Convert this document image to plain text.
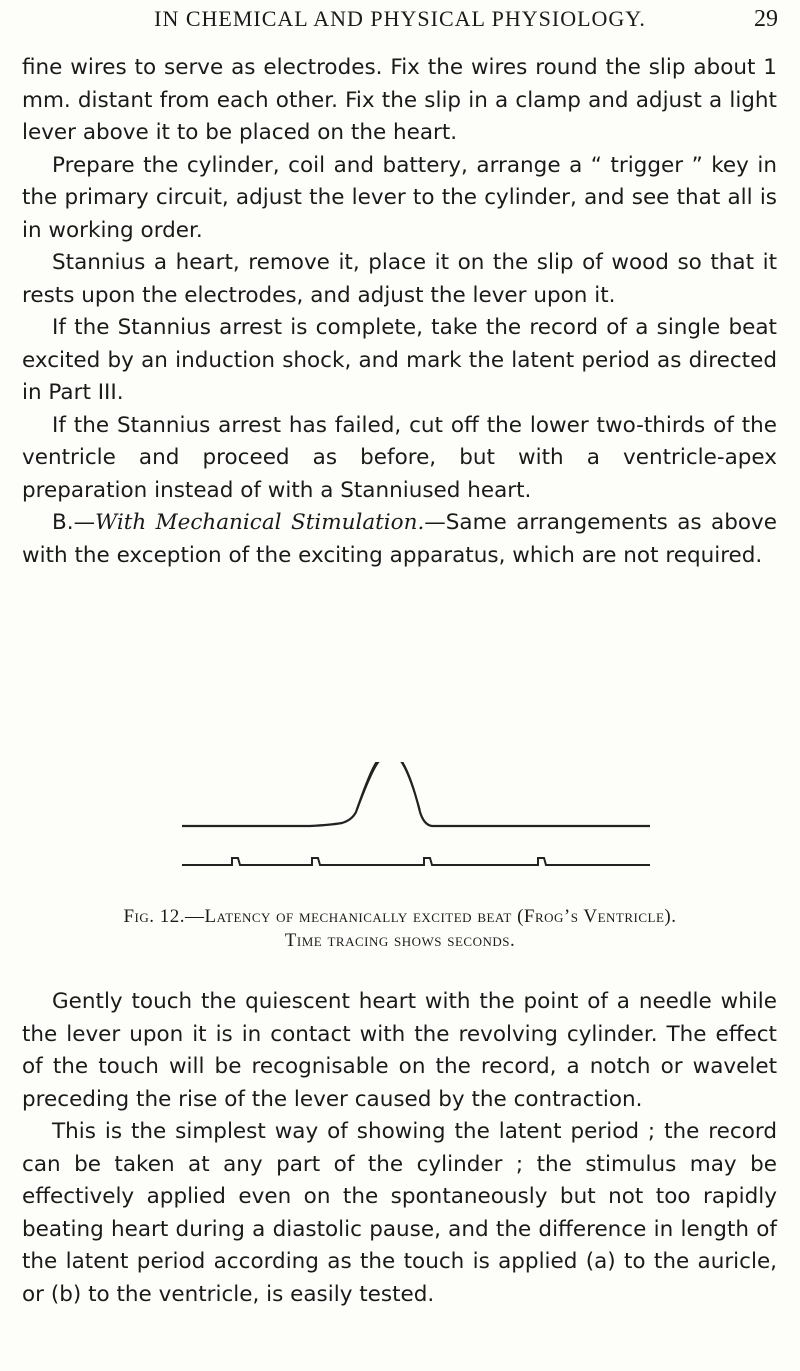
IN CHEMICAL AND PHYSICAL PHYSIOLOGY.	29

fine wires to serve as electrodes. Fix the wires round the slip about 1 mm. distant from each other. Fix the slip in a clamp and adjust a light lever above it to be placed on the heart.

Prepare the cylinder, coil and battery, arrange a “ trigger ” key in the primary circuit, adjust the lever to the cylinder, and see that all is in working order.

Stannius a heart, remove it, place it on the slip of wood so that it rests upon the electrodes, and adjust the lever upon it.

If the Stannius arrest is complete, take the record of a single beat excited by an induction shock, and mark the latent period as directed in Part III.

If the Stannius arrest has failed, cut off the lower two-thirds of the ventricle and proceed as before, but with a ventricle-apex preparation instead of with a Stanniused heart.

B.—With Mechanical Stimulation.—Same arrangements as above with the exception of the exciting apparatus, which are not required.

Fig. 12.—Latency of mechanically excited beat (Frog’s Ventricle).
Time tracing shows seconds.

Gently touch the quiescent heart with the point of a needle while the lever upon it is in contact with the revolving cylinder. The effect of the touch will be recognisable on the record, a notch or wavelet preceding the rise of the lever caused by the contraction.

This is the simplest way of showing the latent period ; the record can be taken at any part of the cylinder ; the stimulus may be effectively applied even on the spontaneously but not too rapidly beating heart during a diastolic pause, and the difference in length of the latent period according as the touch is applied (a) to the auricle, or (b) to the ventricle, is easily tested.
